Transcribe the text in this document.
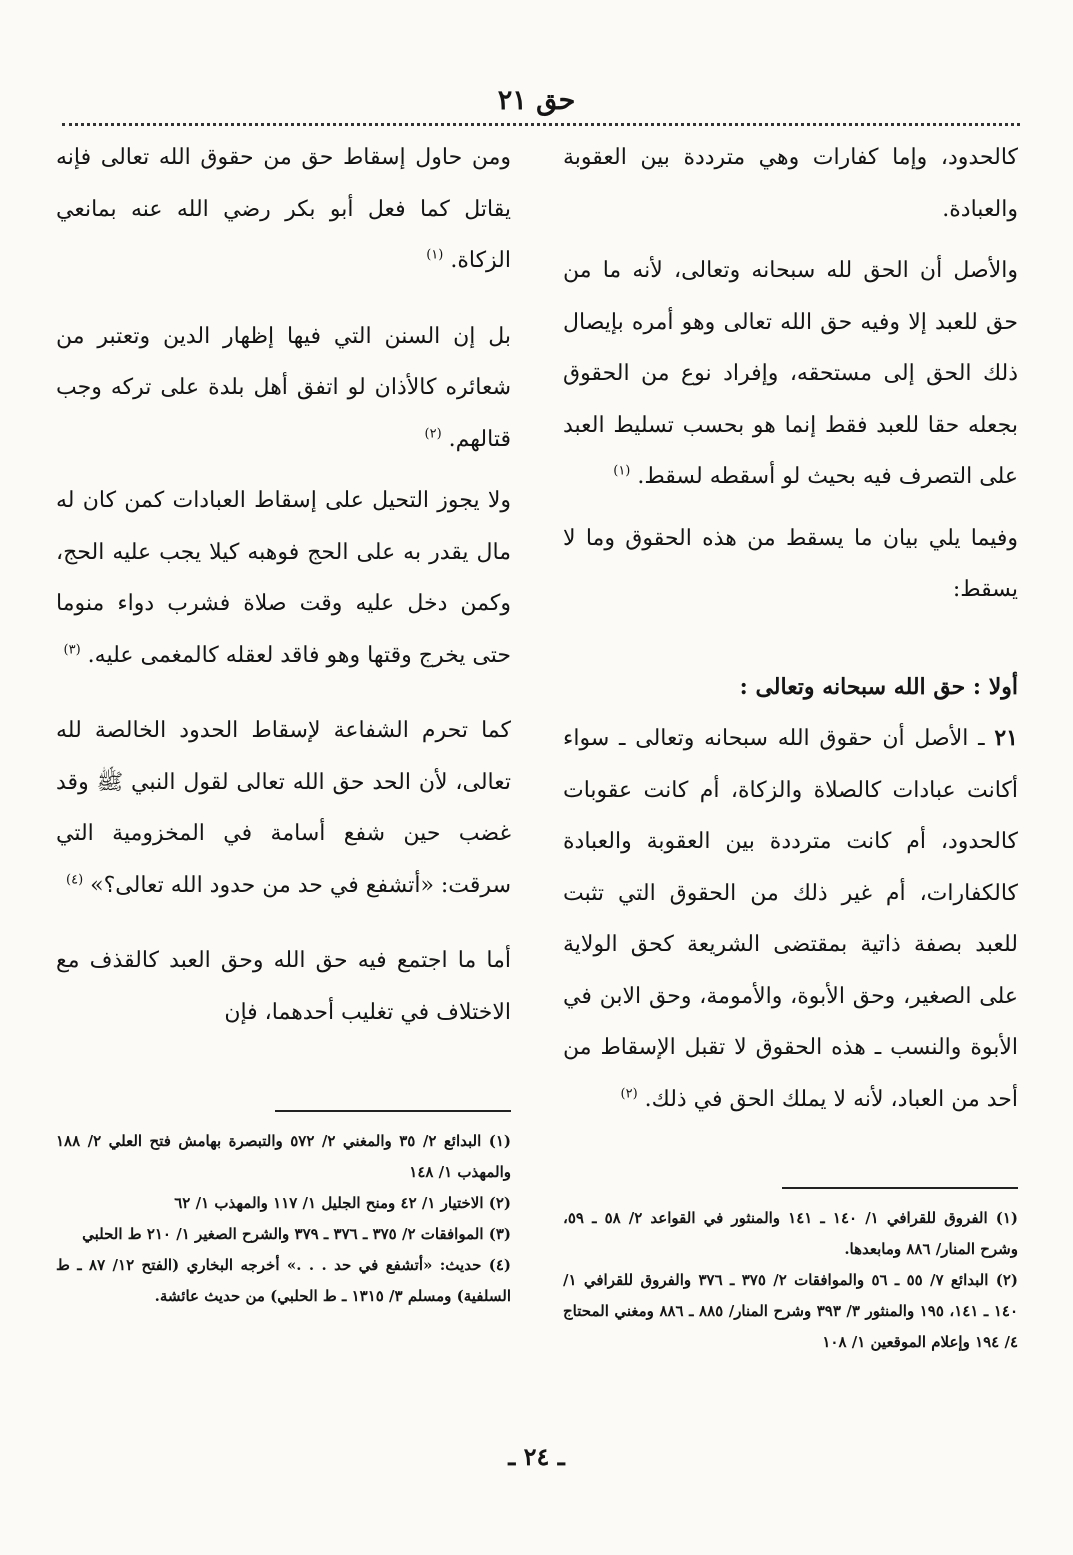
حق ٢١

كالحدود، وإما كفارات وهي مترددة بين العقوبة والعبادة.

والأصل أن الحق لله سبحانه وتعالى، لأنه ما من حق للعبد إلا وفيه حق الله تعالى وهو أمره بإيصال ذلك الحق إلى مستحقه، وإفراد نوع من الحقوق بجعله حقا للعبد فقط إنما هو بحسب تسليط العبد على التصرف فيه بحيث لو أسقطه لسقط. $^{(١)}$

وفيما يلي بيان ما يسقط من هذه الحقوق وما لا يسقط:

أولا : حق الله سبحانه وتعالى :

٢١ ـ الأصل أن حقوق الله سبحانه وتعالى ـ سواء أكانت عبادات كالصلاة والزكاة، أم كانت عقوبات كالحدود، أم كانت مترددة بين العقوبة والعبادة كالكفارات، أم غير ذلك من الحقوق التي تثبت للعبد بصفة ذاتية بمقتضى الشريعة كحق الولاية على الصغير، وحق الأبوة، والأمومة، وحق الابن في الأبوة والنسب ـ هذه الحقوق لا تقبل الإسقاط من أحد من العباد، لأنه لا يملك الحق في ذلك. $^{(٢)}$

ومن حاول إسقاط حق من حقوق الله تعالى فإنه يقاتل كما فعل أبو بكر رضي الله عنه بمانعي الزكاة. $^{(١)}$

بل إن السنن التي فيها إظهار الدين وتعتبر من شعائره كالأذان لو اتفق أهل بلدة على تركه وجب قتالهم. $^{(٢)}$

ولا يجوز التحيل على إسقاط العبادات كمن كان له مال يقدر به على الحج فوهبه كيلا يجب عليه الحج، وكمن دخل عليه وقت صلاة فشرب دواء منوما حتى يخرج وقتها وهو فاقد لعقله كالمغمى عليه. $^{(٣)}$

كما تحرم الشفاعة لإسقاط الحدود الخالصة لله تعالى، لأن الحد حق الله تعالى لقول النبي ﷺ وقد غضب حين شفع أسامة في المخزومية التي سرقت: «أتشفع في حد من حدود الله تعالى؟» $^{(٤)}$

أما ما اجتمع فيه حق الله وحق العبد كالقذف مع الاختلاف في تغليب أحدهما، فإن

(١) الفروق للقرافي ١/ ١٤٠ ـ ١٤١ والمنثور في القواعد ٢/ ٥٨ ـ ٥٩، وشرح المنار/ ٨٨٦ ومابعدها.

(٢) البدائع ٧/ ٥٥ ـ ٥٦ والموافقات ٢/ ٣٧٥ ـ ٣٧٦ والفروق للقرافي ١/ ١٤٠ ـ ١٤١، ١٩٥ والمنثور ٣/ ٣٩٣ وشرح المنار/ ٨٨٥ ـ ٨٨٦ ومغني المحتاج ٤/ ١٩٤ وإعلام الموقعين ١/ ١٠٨

(١) البدائع ٢/ ٣٥ والمغني ٢/ ٥٧٢ والتبصرة بهامش فتح العلي ٢/ ١٨٨ والمهذب ١/ ١٤٨

(٢) الاختيار ١/ ٤٢ ومنح الجليل ١/ ١١٧ والمهذب ١/ ٦٢

(٣) الموافقات ٢/ ٣٧٥ ـ ٣٧٦ ـ ٣٧٩ والشرح الصغير ١/ ٢١٠ ط الحلبي

(٤) حديث: «أتشفع في حد . . .» أخرجه البخاري (الفتح ١٢/ ٨٧ ـ ط السلفية) ومسلم ٣/ ١٣١٥ ـ ط الحلبي) من حديث عائشة.

ـ ٢٤ ـ
